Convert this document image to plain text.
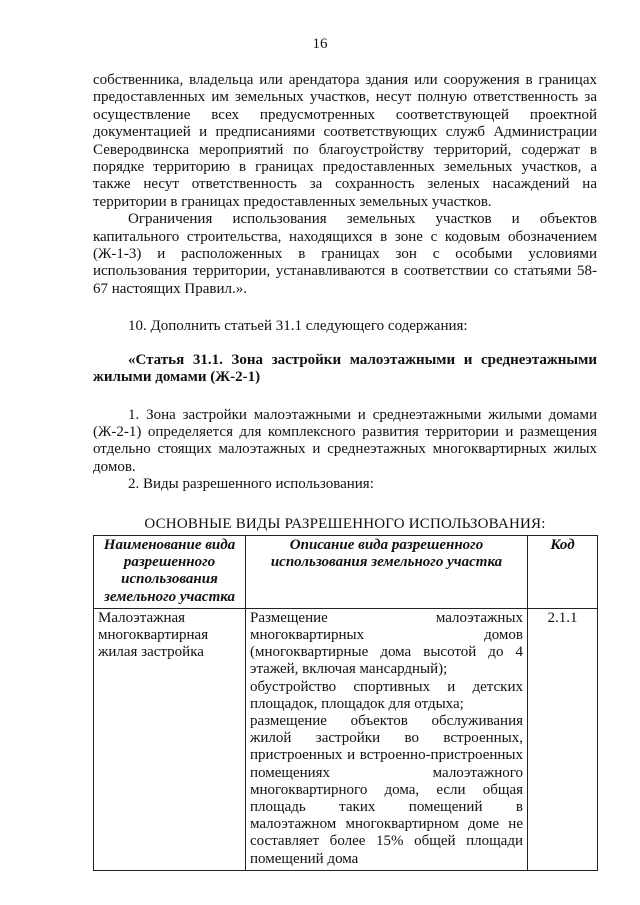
16

собственника, владельца или арендатора здания или сооружения в границах предоставленных им земельных участков, несут полную ответственность за осуществление всех предусмотренных соответствующей проектной документацией и предписаниями соответствующих служб Администрации Северодвинска мероприятий по благоустройству территорий, содержат в порядке территорию в границах предоставленных земельных участков, а также несут ответственность за сохранность зеленых насаждений на территории в границах предоставленных земельных участков.

Ограничения использования земельных участков и объектов капитального строительства, находящихся в зоне с кодовым обозначением (Ж-1-3) и расположенных в границах зон с особыми условиями использования территории, устанавливаются в соответствии со статьями 58-67 настоящих Правил.».

10. Дополнить статьей 31.1 следующего содержания:

«Статья 31.1. Зона застройки малоэтажными и среднеэтажными жилыми домами (Ж-2-1)

1. Зона застройки малоэтажными и среднеэтажными жилыми домами (Ж-2-1) определяется для комплексного развития территории и размещения отдельно стоящих малоэтажных и среднеэтажных многоквартирных жилых домов.

2. Виды разрешенного использования:

ОСНОВНЫЕ ВИДЫ РАЗРЕШЕННОГО ИСПОЛЬЗОВАНИЯ:
Наименование вида разрешенного использования земельного участка	Описание вида разрешенного использования земельного участка	Код
Малоэтажная многоквартирная жилая застройка	Размещение малоэтажных многоквартирных домов (многоквартирные дома высотой до 4 этажей, включая мансардный);
обустройство спортивных и детских площадок, площадок для отдыха;
размещение объектов обслуживания жилой застройки во встроенных, пристроенных и встроенно-пристроенных помещениях малоэтажного многоквартирного дома, если общая площадь таких помещений в малоэтажном многоквартирном доме не составляет более 15% общей площади помещений дома	2.1.1
